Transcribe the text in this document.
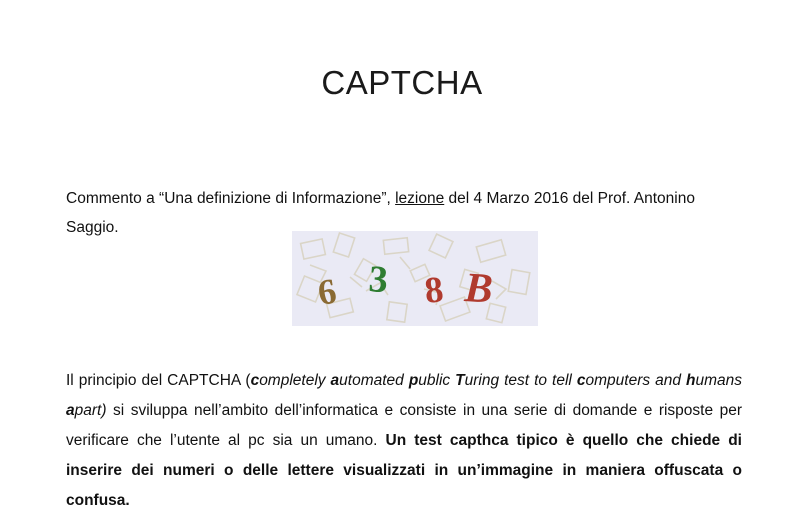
CAPTCHA

Commento a “Una definizione di Informazione”, lezione del 4 Marzo 2016 del Prof. Antonino Saggio.

6 3 8 B

Il principio del CAPTCHA (completely automated public Turing test to tell computers and humans apart) si sviluppa nell’ambito dell’informatica e consiste in una serie di domande e risposte per verificare che l’utente al pc sia un umano. Un test capthca tipico è quello che chiede di inserire dei numeri o delle lettere visualizzati in un’immagine in maniera offuscata o confusa.
